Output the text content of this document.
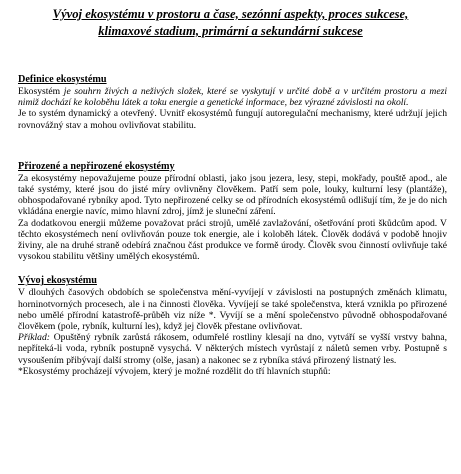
Vývoj ekosystému v prostoru a čase, sezónní aspekty, proces sukcese,
klimaxové stadium, primární a sekundární sukcese
Definice ekosystému

Ekosystém je souhrn živých a neživých složek, které se vyskytují v určité době a v určitém prostoru a mezi nimiž dochází ke koloběhu látek a toku energie a genetické informace, bez výrazné závislosti na okolí.

Je to systém dynamický a otevřený. Uvnitř ekosystémů fungují autoregulační mechanismy, které udržují jejich rovnovážný stav a mohou ovlivňovat stabilitu.

Přirozené a nepřirozené ekosystémy

Za ekosystémy nepovažujeme pouze přírodní oblasti, jako jsou jezera, lesy, stepi, mokřady, pouště apod., ale také systémy, které jsou do jisté míry ovlivněny člověkem. Patří sem pole, louky, kulturní lesy (plantáže), obhospodařované rybníky apod. Tyto nepřirozené celky se od přírodních ekosystémů odlišují tím, že je do nich vkládána energie navíc, mimo hlavní zdroj, jímž je sluneční záření.

Za dodatkovou energii můžeme považovat práci strojů, umělé zavlažování, ošetřování proti škůdcům apod. V těchto ekosystémech není ovlivňován pouze tok energie, ale i koloběh látek. Člověk dodává v podobě hnojiv živiny, ale na druhé straně odebírá značnou část produkce ve formě úrody. Člověk svou činností ovlivňuje také vysokou stabilitu většiny umělých ekosystémů.

Vývoj ekosystému

V dlouhých časových obdobích se společenstva mění-vyvíjejí v závislosti na postupných změnách klimatu, horninotvorných procesech, ale i na činnosti člověka. Vyvíjejí se také společenstva, která vznikla po přirozené nebo umělé přírodní katastrofě-průběh viz níže *. Vyvíjí se a mění společenstvo původně obhospodařované člověkem (pole, rybník, kulturní les), když jej člověk přestane ovlivňovat.

Příklad: Opuštěný rybník zarůstá rákosem, odumřelé rostliny klesají na dno, vytváří se vyšší vrstvy bahna, nepříteká-li voda, rybník postupně vysychá. V některých místech vyrůstají z náletů semen vrby. Postupně s vysoušením přibývají další stromy (olše, jasan) a nakonec se z rybníka stává přirozený listnatý les.

*Ekosystémy procházejí vývojem, který je možné rozdělit do tří hlavních stupňů:
